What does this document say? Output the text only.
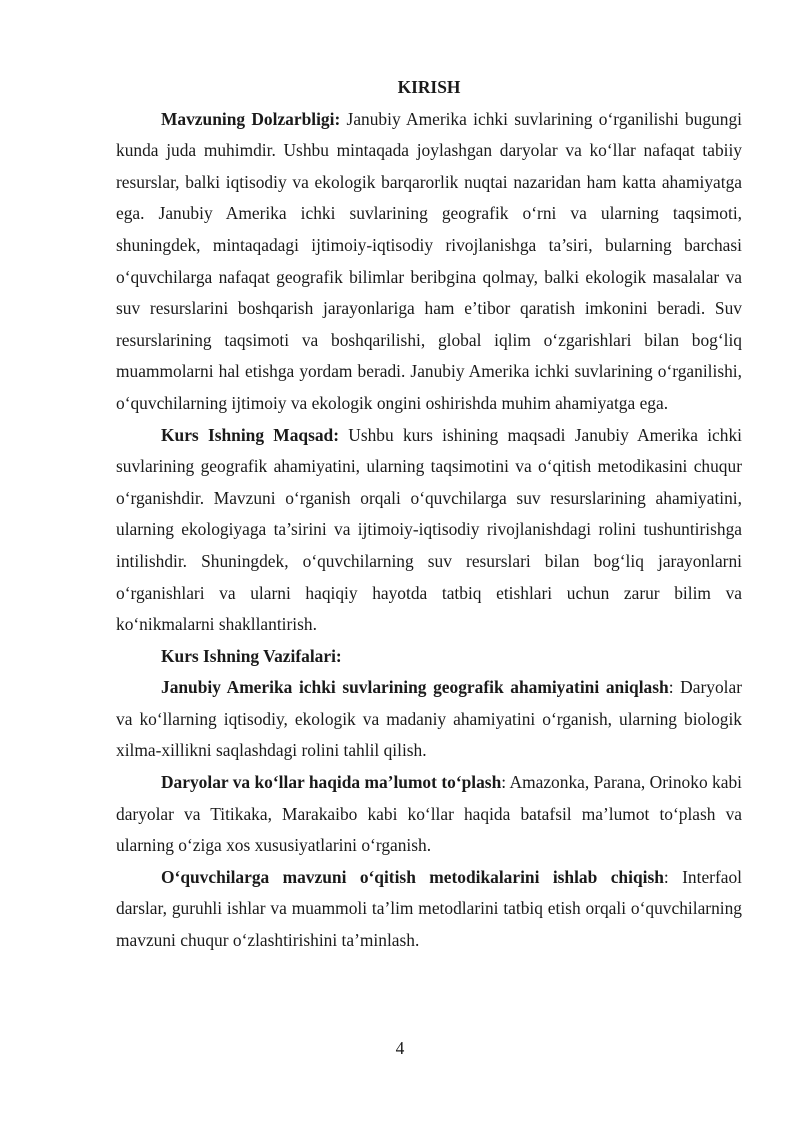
KIRISH

Mavzuning Dolzarbligi: Janubiy Amerika ichki suvlarining o‘rganilishi bugungi kunda juda muhimdir. Ushbu mintaqada joylashgan daryolar va ko‘llar nafaqat tabiiy resurslar, balki iqtisodiy va ekologik barqarorlik nuqtai nazaridan ham katta ahamiyatga ega. Janubiy Amerika ichki suvlarining geografik o‘rni va ularning taqsimoti, shuningdek, mintaqadagi ijtimoiy-iqtisodiy rivojlanishga ta’siri, bularning barchasi o‘quvchilarga nafaqat geografik bilimlar beribgina qolmay, balki ekologik masalalar va suv resurslarini boshqarish jarayonlariga ham e’tibor qaratish imkonini beradi. Suv resurslarining taqsimoti va boshqarilishi, global iqlim o‘zgarishlari bilan bog‘liq muammolarni hal etishga yordam beradi. Janubiy Amerika ichki suvlarining o‘rganilishi, o‘quvchilarning ijtimoiy va ekologik ongini oshirishda muhim ahamiyatga ega.

Kurs Ishning Maqsad: Ushbu kurs ishining maqsadi Janubiy Amerika ichki suvlarining geografik ahamiyatini, ularning taqsimotini va o‘qitish metodikasini chuqur o‘rganishdir. Mavzuni o‘rganish orqali o‘quvchilarga suv resurslarining ahamiyatini, ularning ekologiyaga ta’sirini va ijtimoiy-iqtisodiy rivojlanishdagi rolini tushuntirishga intilishdir. Shuningdek, o‘quvchilarning suv resurslari bilan bog‘liq jarayonlarni o‘rganishlari va ularni haqiqiy hayotda tatbiq etishlari uchun zarur bilim va ko‘nikmalarni shakllantirish.

Kurs Ishning Vazifalari:

Janubiy Amerika ichki suvlarining geografik ahamiyatini aniqlash: Daryolar va ko‘llarning iqtisodiy, ekologik va madaniy ahamiyatini o‘rganish, ularning biologik xilma-xillikni saqlashdagi rolini tahlil qilish.

Daryolar va ko‘llar haqida ma’lumot to‘plash: Amazonka, Parana, Orinoko kabi daryolar va Titikaka, Marakaibo kabi ko‘llar haqida batafsil ma’lumot to‘plash va ularning o‘ziga xos xususiyatlarini o‘rganish.

O‘quvchilarga mavzuni o‘qitish metodikalarini ishlab chiqish: Interfaol darslar, guruhli ishlar va muammoli ta’lim metodlarini tatbiq etish orqali o‘quvchilarning mavzuni chuqur o‘zlashtirishini ta’minlash.

4
